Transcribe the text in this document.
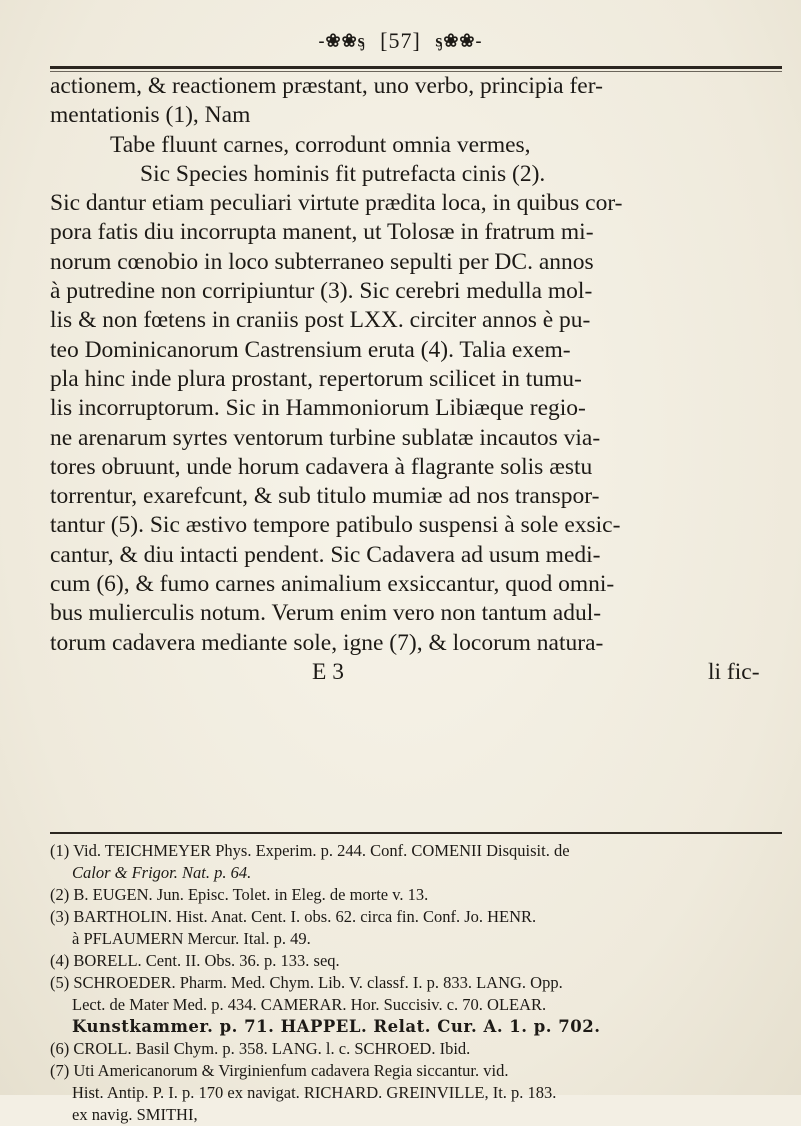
-❀❀ᶊ [57] ᶊ❀❀-
actionem, & reactionem præstant, uno verbo, principia fer-
mentationis (1), Nam
Tabe fluunt carnes, corrodunt omnia vermes,
Sic Species hominis fit putrefacta cinis (2).
Sic dantur etiam peculiari virtute prædita loca, in quibus cor-
pora fatis diu incorrupta manent, ut Tolosæ in fratrum mi-
norum cœnobio in loco subterraneo sepulti per DC. annos
à putredine non corripiuntur (3). Sic cerebri medulla mol-
lis & non fœtens in craniis post LXX. circiter annos è pu-
teo Dominicanorum Castrensium eruta (4). Talia exem-
pla hinc inde plura prostant, repertorum scilicet in tumu-
lis incorruptorum. Sic in Hammoniorum Libiæque regio-
ne arenarum syrtes ventorum turbine sublatæ incautos via-
tores obruunt, unde horum cadavera à flagrante solis æstu
torrentur, exarefcunt, & sub titulo mumiæ ad nos transpor-
tantur (5). Sic æstivo tempore patibulo suspensi à sole exsic-
cantur, & diu intacti pendent. Sic Cadavera ad usum medi-
cum (6), & fumo carnes animalium exsiccantur, quod omni-
bus mulierculis notum. Verum enim vero non tantum adul-
torum cadavera mediante sole, igne (7), & locorum natura-
E 3	li fic-
(1) Vid. TEICHMEYER Phys. Experim. p. 244. Conf. COMENII Disquisit. de
Calor & Frigor. Nat. p. 64.
(2) B. EUGEN. Jun. Episc. Tolet. in Eleg. de morte v. 13.
(3) BARTHOLIN. Hist. Anat. Cent. I. obs. 62. circa fin. Conf. Jo. HENR.
à PFLAUMERN Mercur. Ital. p. 49.
(4) BORELL. Cent. II. Obs. 36. p. 133. seq.
(5) SCHROEDER. Pharm. Med. Chym. Lib. V. classf. I. p. 833. LANG. Opp.
Lect. de Mater Med. p. 434. CAMERAR. Hor. Succisiv. c. 70. OLEAR.
Kunstkammer. p. 71. HAPPEL. Relat. Cur. A. 1. p. 702.
(6) CROLL. Basil Chym. p. 358. LANG. l. c. SCHROED. Ibid.
(7) Uti Americanorum & Virginienfum cadavera Regia siccantur. vid.
Hist. Antip. P. I. p. 170 ex navigat. RICHARD. GREINVILLE, It. p. 183.
ex navig. SMITHI,
